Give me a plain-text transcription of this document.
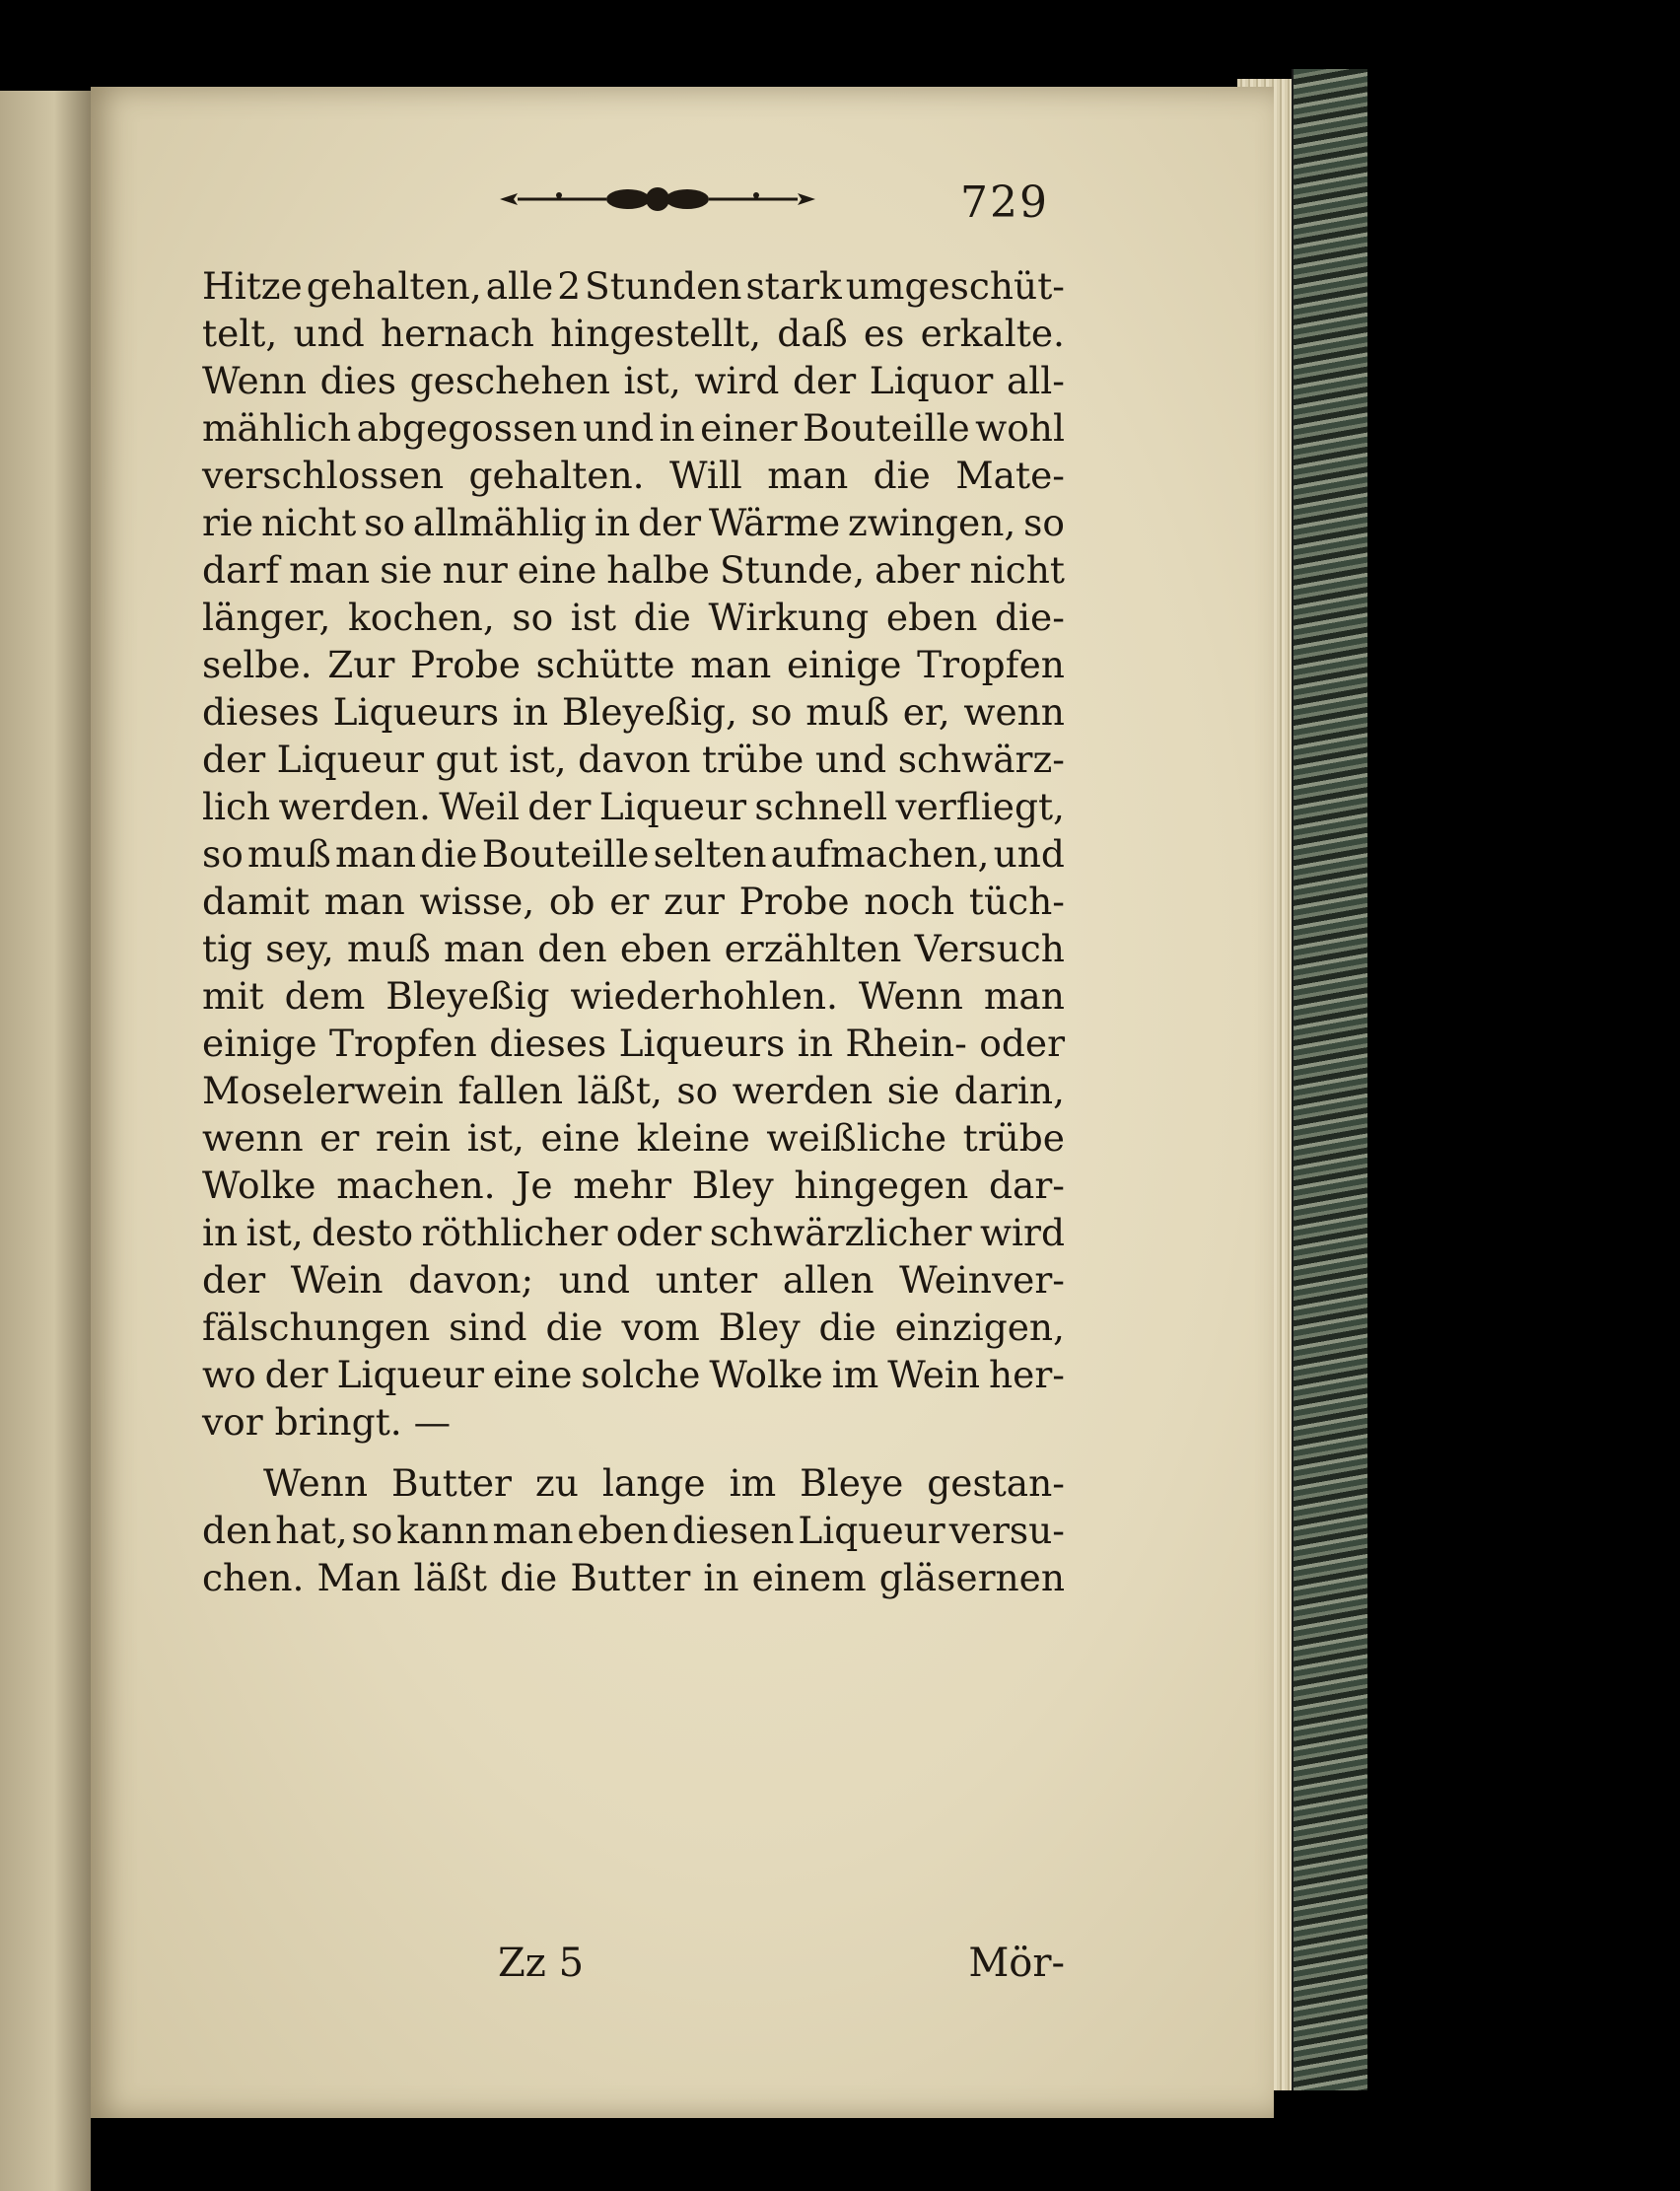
729
Hitze gehalten, alle 2 Stunden stark umgeschüt-
telt, und hernach hingestellt, daß es erkalte.
Wenn dies geschehen ist, wird der Liquor all-
mählich abgegossen und in einer Bouteille wohl
verschlossen gehalten. Will man die Mate-
rie nicht so allmählig in der Wärme zwingen, so
darf man sie nur eine halbe Stunde, aber nicht
länger, kochen, so ist die Wirkung eben die-
selbe. Zur Probe schütte man einige Tropfen
dieses Liqueurs in Bleyeßig, so muß er, wenn
der Liqueur gut ist, davon trübe und schwärz-
lich werden. Weil der Liqueur schnell verfliegt,
so muß man die Bouteille selten aufmachen, und
damit man wisse, ob er zur Probe noch tüch-
tig sey, muß man den eben erzählten Versuch
mit dem Bleyeßig wiederhohlen. Wenn man
einige Tropfen dieses Liqueurs in Rhein- oder
Moselerwein fallen läßt, so werden sie darin,
wenn er rein ist, eine kleine weißliche trübe
Wolke machen. Je mehr Bley hingegen dar-
in ist, desto röthlicher oder schwärzlicher wird
der Wein davon; und unter allen Weinver-
fälschungen sind die vom Bley die einzigen,
wo der Liqueur eine solche Wolke im Wein her-
vor bringt. —
Wenn Butter zu lange im Bleye gestan-
den hat, so kann man eben diesen Liqueur versu-
chen. Man läßt die Butter in einem gläsernen
Zz 5	Mör-
